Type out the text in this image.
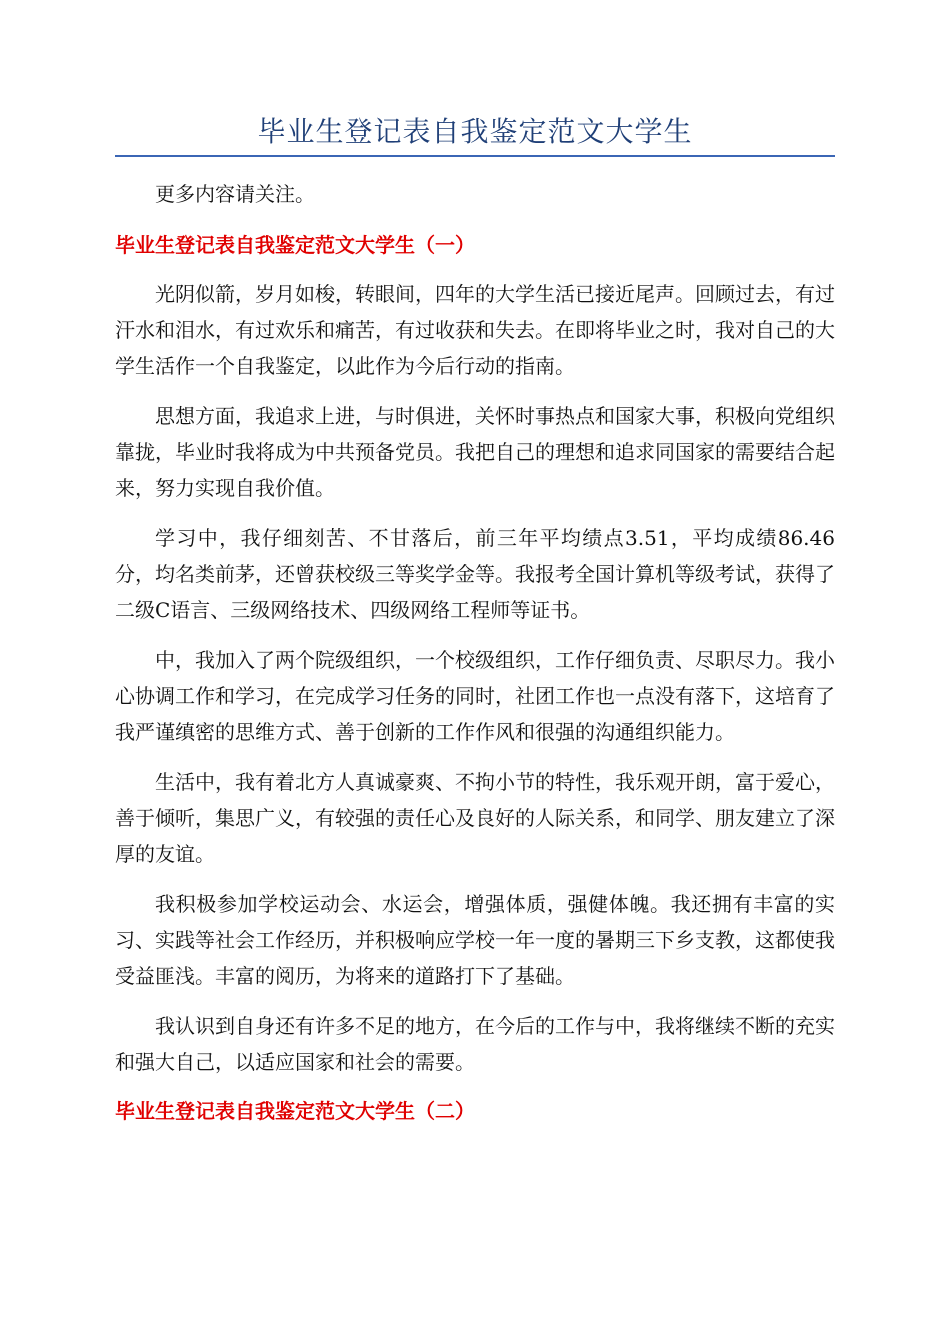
毕业生登记表自我鉴定范文大学生

更多内容请关注。

毕业生登记表自我鉴定范文大学生（一）

光阴似箭，岁月如梭，转眼间，四年的大学生活已接近尾声。回顾过去，有过汗水和泪水，有过欢乐和痛苦，有过收获和失去。在即将毕业之时，我对自己的大学生活作一个自我鉴定，以此作为今后行动的指南。

思想方面，我追求上进，与时俱进，关怀时事热点和国家大事，积极向党组织靠拢，毕业时我将成为中共预备党员。我把自己的理想和追求同国家的需要结合起来，努力实现自我价值。

学习中，我仔细刻苦、不甘落后，前三年平均绩点3.51，平均成绩86.46分，均名类前茅，还曾获校级三等奖学金等。我报考全国计算机等级考试，获得了二级C语言、三级网络技术、四级网络工程师等证书。

中，我加入了两个院级组织，一个校级组织，工作仔细负责、尽职尽力。我小心协调工作和学习，在完成学习任务的同时，社团工作也一点没有落下，这培育了我严谨缜密的思维方式、善于创新的工作作风和很强的沟通组织能力。

生活中，我有着北方人真诚豪爽、不拘小节的特性，我乐观开朗，富于爱心，善于倾听，集思广义，有较强的责任心及良好的人际关系，和同学、朋友建立了深厚的友谊。

我积极参加学校运动会、水运会，增强体质，强健体魄。我还拥有丰富的实习、实践等社会工作经历，并积极响应学校一年一度的暑期三下乡支教，这都使我受益匪浅。丰富的阅历，为将来的道路打下了基础。

我认识到自身还有许多不足的地方，在今后的工作与中，我将继续不断的充实和强大自己，以适应国家和社会的需要。

毕业生登记表自我鉴定范文大学生（二）
